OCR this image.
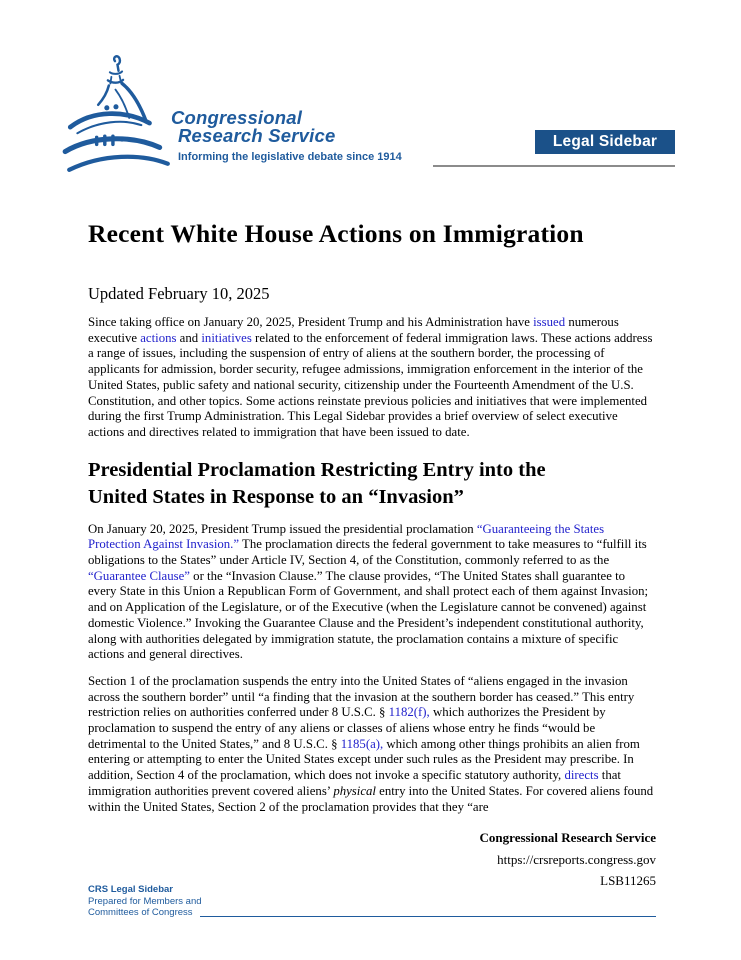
Congressional
Research Service
Informing the legislative debate since 1914
Legal Sidebar
Recent White House Actions on Immigration
Updated February 10, 2025

Since taking office on January 20, 2025, President Trump and his Administration have issued numerous executive actions and initiatives related to the enforcement of federal immigration laws. These actions address a range of issues, including the suspension of entry of aliens at the southern border, the processing of applicants for admission, border security, refugee admissions, immigration enforcement in the interior of the United States, public safety and national security, citizenship under the Fourteenth Amendment of the U.S. Constitution, and other topics. Some actions reinstate previous policies and initiatives that were implemented during the first Trump Administration. This Legal Sidebar provides a brief overview of select executive actions and directives related to immigration that have been issued to date.

Presidential Proclamation Restricting Entry into the
United States in Response to an “Invasion”

On January 20, 2025, President Trump issued the presidential proclamation “Guaranteeing the States Protection Against Invasion.” The proclamation directs the federal government to take measures to “fulfill its obligations to the States” under Article IV, Section 4, of the Constitution, commonly referred to as the “Guarantee Clause” or the “Invasion Clause.” The clause provides, “The United States shall guarantee to every State in this Union a Republican Form of Government, and shall protect each of them against Invasion; and on Application of the Legislature, or of the Executive (when the Legislature cannot be convened) against domestic Violence.” Invoking the Guarantee Clause and the President’s independent constitutional authority, along with authorities delegated by immigration statute, the proclamation contains a mixture of specific actions and general directives.

Section 1 of the proclamation suspends the entry into the United States of “aliens engaged in the invasion across the southern border” until “a finding that the invasion at the southern border has ceased.” This entry restriction relies on authorities conferred under 8 U.S.C. § 1182(f), which authorizes the President by proclamation to suspend the entry of any aliens or classes of aliens whose entry he finds “would be detrimental to the United States,” and 8 U.S.C. § 1185(a), which among other things prohibits an alien from entering or attempting to enter the United States except under such rules as the President may prescribe. In addition, Section 4 of the proclamation, which does not invoke a specific statutory authority, directs that immigration authorities prevent covered aliens’ physical entry into the United States. For covered aliens found within the United States, Section 2 of the proclamation provides that they “are

Congressional Research Service
https://crsreports.congress.gov
LSB11265
CRS Legal Sidebar
Prepared for Members and
Committees of Congress
